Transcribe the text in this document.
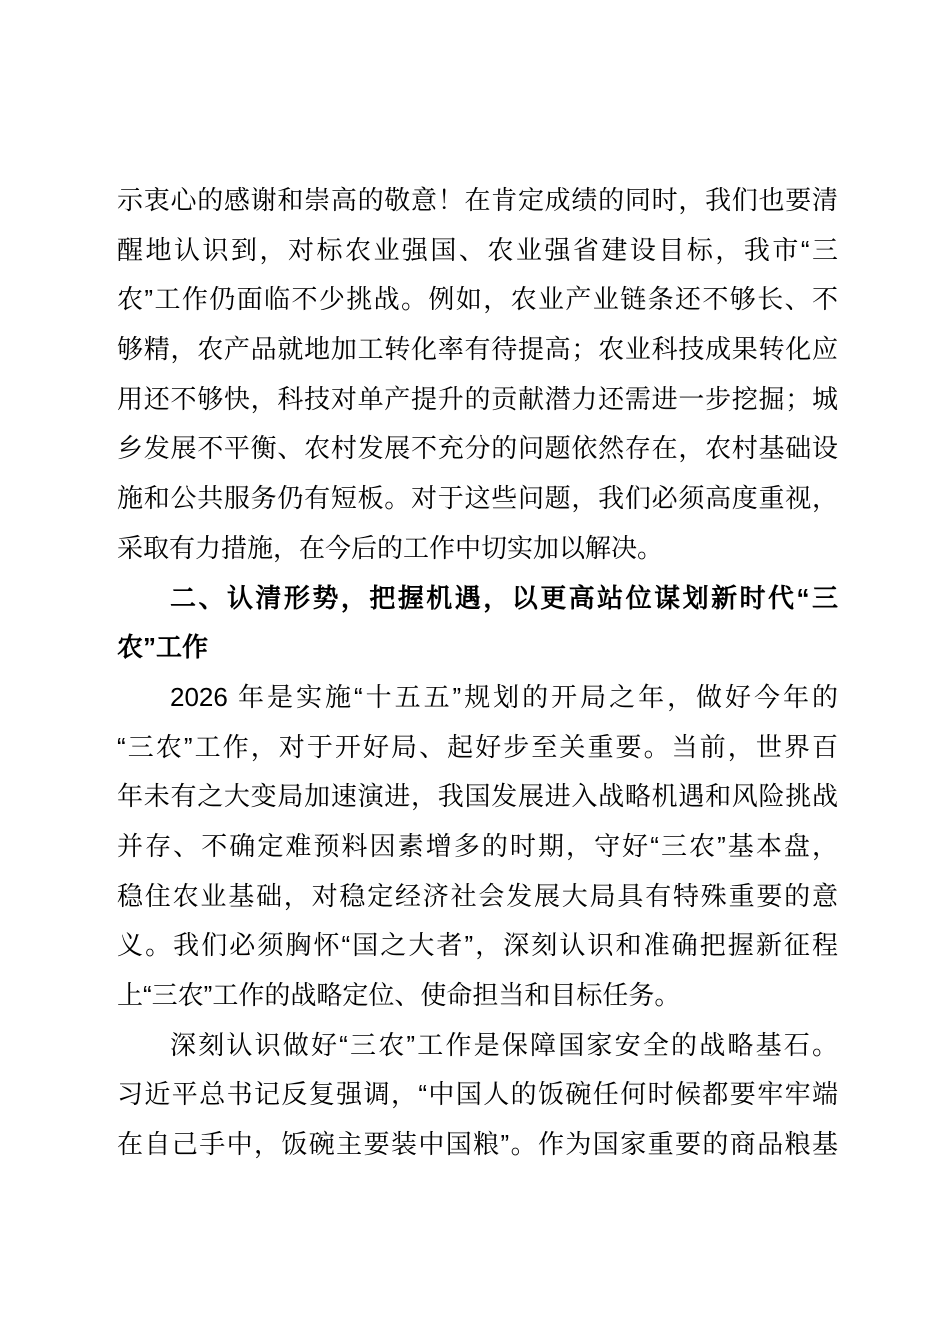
示衷心的感谢和崇高的敬意！在肯定成绩的同时，我们也要清
醒地认识到，对标农业强国、农业强省建设目标，我市“三
农”工作仍面临不少挑战。例如，农业产业链条还不够长、不
够精，农产品就地加工转化率有待提高；农业科技成果转化应
用还不够快，科技对单产提升的贡献潜力还需进一步挖掘；城
乡发展不平衡、农村发展不充分的问题依然存在，农村基础设
施和公共服务仍有短板。对于这些问题，我们必须高度重视，
采取有力措施，在今后的工作中切实加以解决。
二、认清形势，把握机遇，以更高站位谋划新时代“三
农”工作
2026 年是实施“十五五”规划的开局之年，做好今年的
“三农”工作，对于开好局、起好步至关重要。当前，世界百
年未有之大变局加速演进，我国发展进入战略机遇和风险挑战
并存、不确定难预料因素增多的时期，守好“三农”基本盘，
稳住农业基础，对稳定经济社会发展大局具有特殊重要的意
义。我们必须胸怀“国之大者”，深刻认识和准确把握新征程
上“三农”工作的战略定位、使命担当和目标任务。
深刻认识做好“三农”工作是保障国家安全的战略基石。
习近平总书记反复强调，“中国人的饭碗任何时候都要牢牢端
在自己手中，饭碗主要装中国粮”。作为国家重要的商品粮基
